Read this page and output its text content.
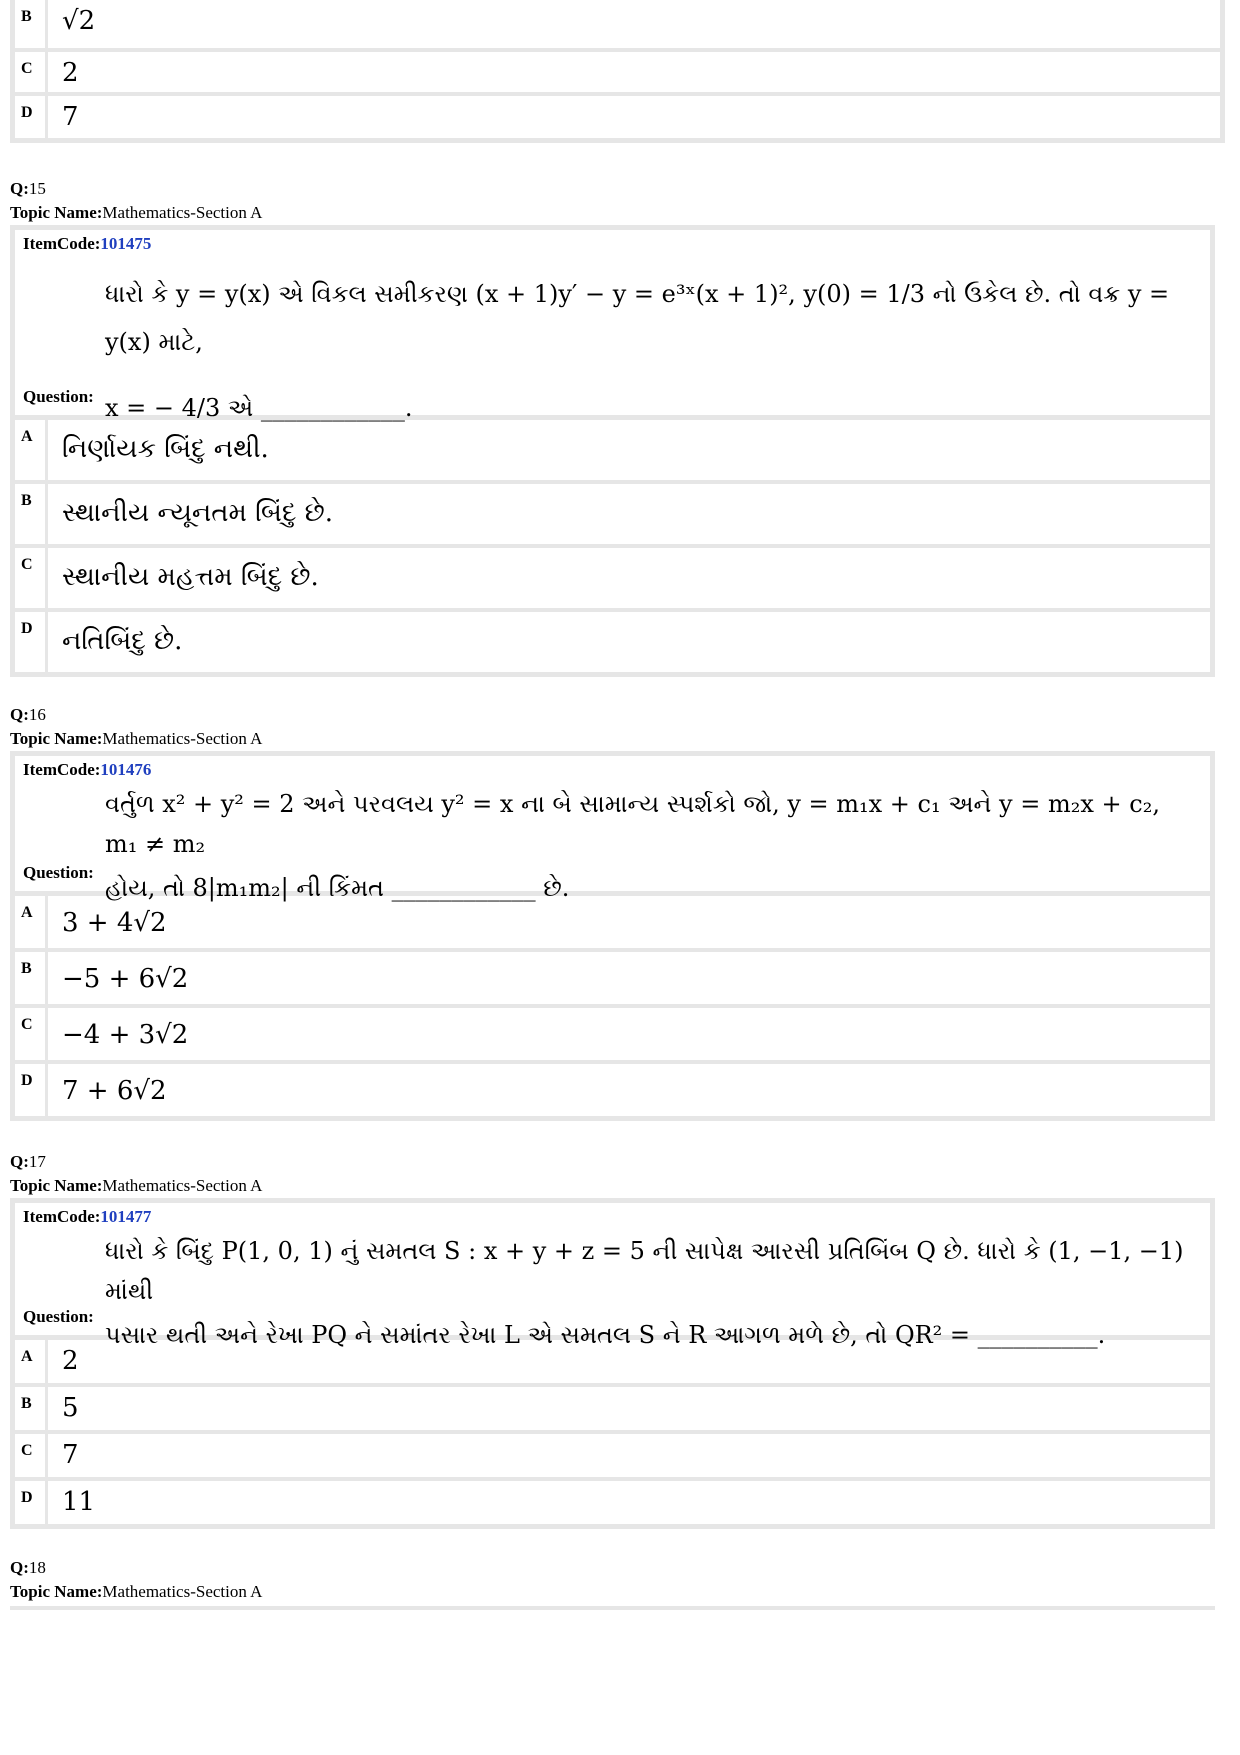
B	√2
C	2
D	7
Q:15
Topic Name:Mathematics-Section A
ItemCode:101475
ધારો કે y = y(x) એ વિકલ સમીકરણ (x + 1)y′ − y = e³ˣ(x + 1)², y(0) = 1/3 નો ઉકેલ છે. તો વક્ર y = y(x) માટે,
x = − 4/3 એ ____________.
Question:
A	નિર્ણાયક બિંદુ નથી.
B	સ્થાનીય ન્યૂનતમ બિંદુ છે.
C	સ્થાનીય મહત્તમ બિંદુ છે.
D	નતિબિંદુ છે.
Q:16
Topic Name:Mathematics-Section A
ItemCode:101476
વર્તુળ x² + y² = 2 અને પરવલય y² = x ના બે સામાન્ય સ્પર્શકો જો, y = m₁x + c₁ અને y = m₂x + c₂, m₁ ≠ m₂
હોય, તો 8|m₁m₂| ની કિંમત ____________ છે.
Question:
A	3 + 4√2
B	−5 + 6√2
C	−4 + 3√2
D	7 + 6√2
Q:17
Topic Name:Mathematics-Section A
ItemCode:101477
ધારો કે બિંદુ P(1, 0, 1) નું સમતલ S : x + y + z = 5 ની સાપેક્ષ આરસી પ્રતિબિંબ Q છે. ધારો કે (1, −1, −1) માંથી
પસાર થતી અને રેખા PQ ને સમાંતર રેખા L એ સમતલ S ને R આગળ મળે છે, તો QR² = __________.
Question:
A	2
B	5
C	7
D	11
Q:18
Topic Name:Mathematics-Section A
